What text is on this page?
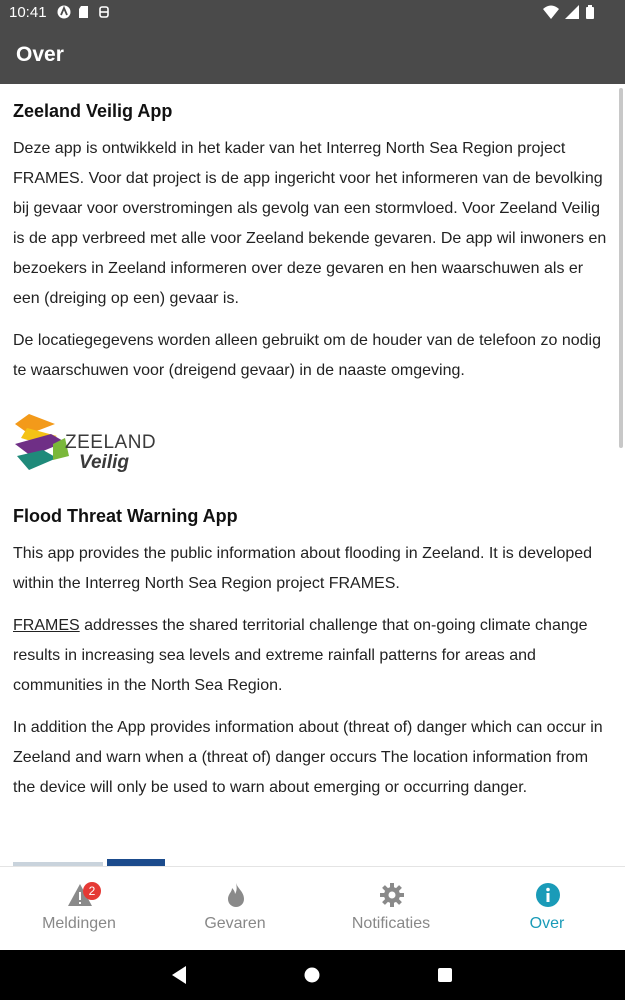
10:41
Over
Zeeland Veilig App

Deze app is ontwikkeld in het kader van het Interreg North Sea Region project FRAMES. Voor dat project is de app ingericht voor het informeren van de bevolking bij gevaar voor overstromingen als gevolg van een stormvloed. Voor Zeeland Veilig is de app verbreed met alle voor Zeeland bekende gevaren. De app wil inwoners en bezoekers in Zeeland informeren over deze gevaren en hen waarschuwen als er een (dreiging op een) gevaar is.

De locatiegegevens worden alleen gebruikt om de houder van de telefoon zo nodig te waarschuwen voor (dreigend gevaar) in de naaste omgeving.

ZEELAND
Veilig
Flood Threat Warning App

This app provides the public information about flooding in Zeeland. It is developed within the Interreg North Sea Region project FRAMES.

FRAMES addresses the shared territorial challenge that on-going climate change results in increasing sea levels and extreme rainfall patterns for areas and communities in the North Sea Region.

In addition the App provides information about (threat of) danger which can occur in Zeeland and warn when a (threat of) danger occurs The location information from the device will only be used to warn about emerging or occurring danger.

2
Meldingen	Gevaren	Notificaties	Over
